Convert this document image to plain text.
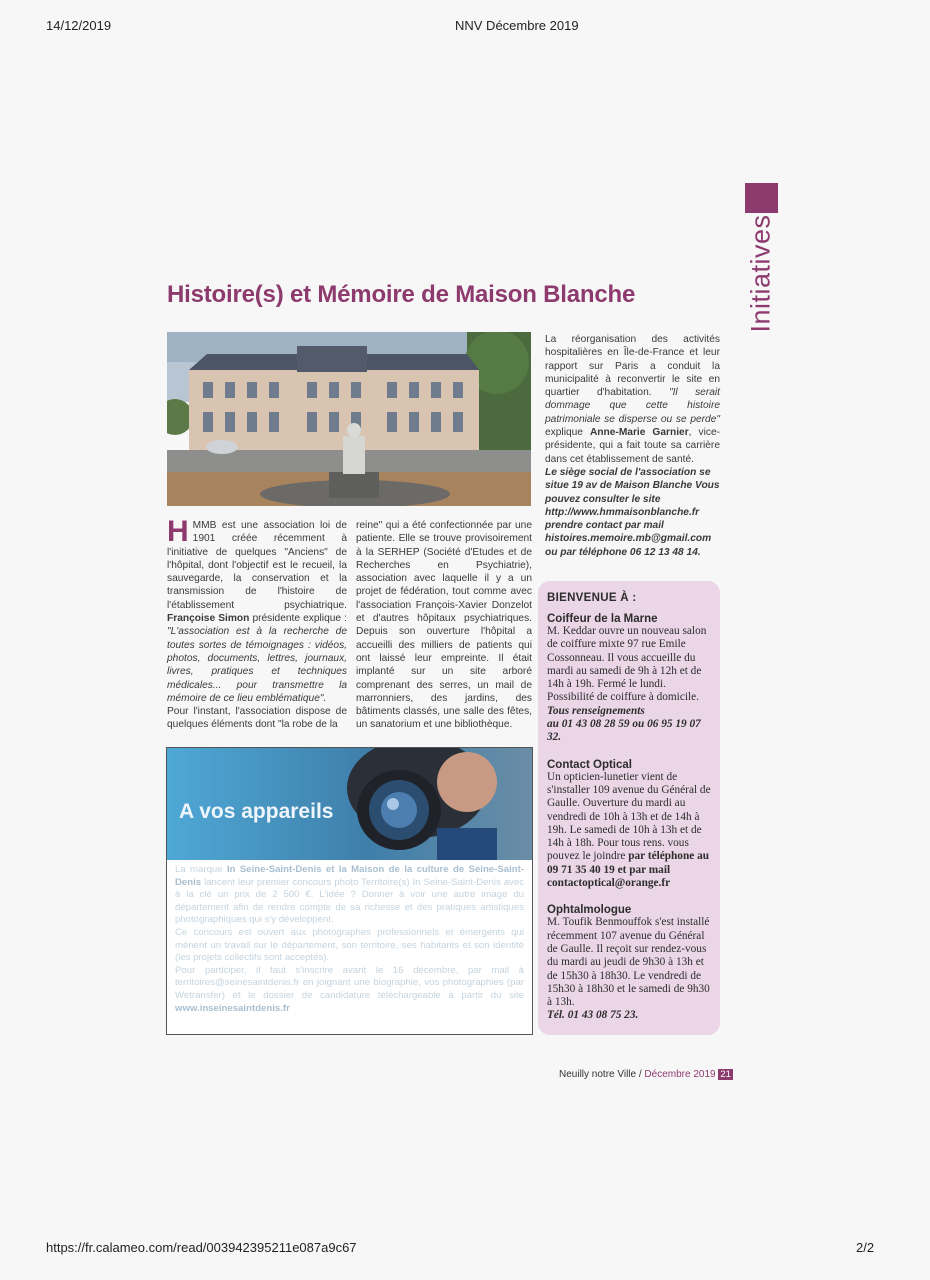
14/12/2019	NNV Décembre 2019
https://fr.calameo.com/read/003942395211e087a9c67	2/2
Initiatives
Histoire(s) et Mémoire de Maison Blanche

HMMB est une association loi de 1901 créée récemment à l'initiative de quelques "Anciens" de l'hôpital, dont l'objectif est le recueil, la sauvegarde, la conservation et la transmission de l'histoire de l'établissement psychiatrique. Françoise Simon présidente explique : "L'association est à la recherche de toutes sortes de témoignages : vidéos, photos, documents, lettres, journaux, livres, pratiques et techniques médicales... pour transmettre la mémoire de ce lieu emblématique".

Pour l'instant, l'association dispose de quelques éléments dont "la robe de la

reine" qui a été confectionnée par une patiente. Elle se trouve provisoirement à la SERHEP (Société d'Etudes et de Recherches en Psychiatrie), association avec laquelle il y a un projet de fédération, tout comme avec l'association François-Xavier Donzelot et d'autres hôpitaux psychiatriques. Depuis son ouverture l'hôpital a accueilli des milliers de patients qui ont laissé leur empreinte. Il était implanté sur un site arboré comprenant des serres, un mail de marronniers, des jardins, des bâtiments classés, une salle des fêtes, un sanatorium et une bibliothèque.

La réorganisation des activités hospitalières en Île-de-France et leur rapport sur Paris a conduit la municipalité à reconvertir le site en quartier d'habitation. "Il serait dommage que cette histoire patrimoniale se disperse ou se perde" explique Anne-Marie Garnier, vice-présidente, qui a fait toute sa carrière dans cet établissement de santé.

Le siège social de l'association se situe 19 av de Maison Blanche Vous pouvez consulter le site http://www.hmmaisonblanche.fr prendre contact par mail histoires.memoire.mb@gmail.com ou par téléphone 06 12 13 48 14.

A vos appareils

La marque In Seine-Saint-Denis et la Maison de la culture de Seine-Saint-Denis lancent leur premier concours photo Territoire(s) In Seine-Saint-Denis avec à la clé un prix de 2 500 €. L'idée ? Donner à voir une autre image du département afin de rendre compte de sa richesse et des pratiques artistiques photographiques qui s'y développent.

Ce concours est ouvert aux photographes professionnels et émergents qui mènent un travail sur le département, son territoire, ses habitants et son identité (les projets collectifs sont acceptés).

Pour participer, il faut s'inscrire avant le 16 décembre, par mail à territoires@seinesaintdenis.fr en joignant une biographie, vos photographies (par Wetransfer) et le dossier de candidature téléchargeable à partir du site www.inseinesaintdenis.fr

BIENVENUE À :
Coiffeur de la Marne
M. Keddar ouvre un nouveau salon de coiffure mixte 97 rue Emile Cossonneau. Il vous accueille du mardi au samedi de 9h à 12h et de 14h à 19h. Fermé le lundi. Possibilité de coiffure à domicile.
Tous renseignements
au 01 43 08 28 59 ou 06 95 19 07 32.
Contact Optical
Un opticien-lunetier vient de s'installer 109 avenue du Général de Gaulle. Ouverture du mardi au vendredi de 10h à 13h et de 14h à 19h. Le samedi de 10h à 13h et de 14h à 18h. Pour tous rens. vous pouvez le joindre par téléphone au 09 71 35 40 19 et par mail contactoptical@orange.fr
Ophtalmologue
M. Toufik Benmouffok s'est installé récemment 107 avenue du Général de Gaulle. Il reçoit sur rendez-vous du mardi au jeudi de 9h30 à 13h et de 15h30 à 18h30. Le vendredi de 15h30 à 18h30 et le samedi de 9h30 à 13h.
Tél. 01 43 08 75 23.
Neuilly notre Ville / Décembre 2019 21
